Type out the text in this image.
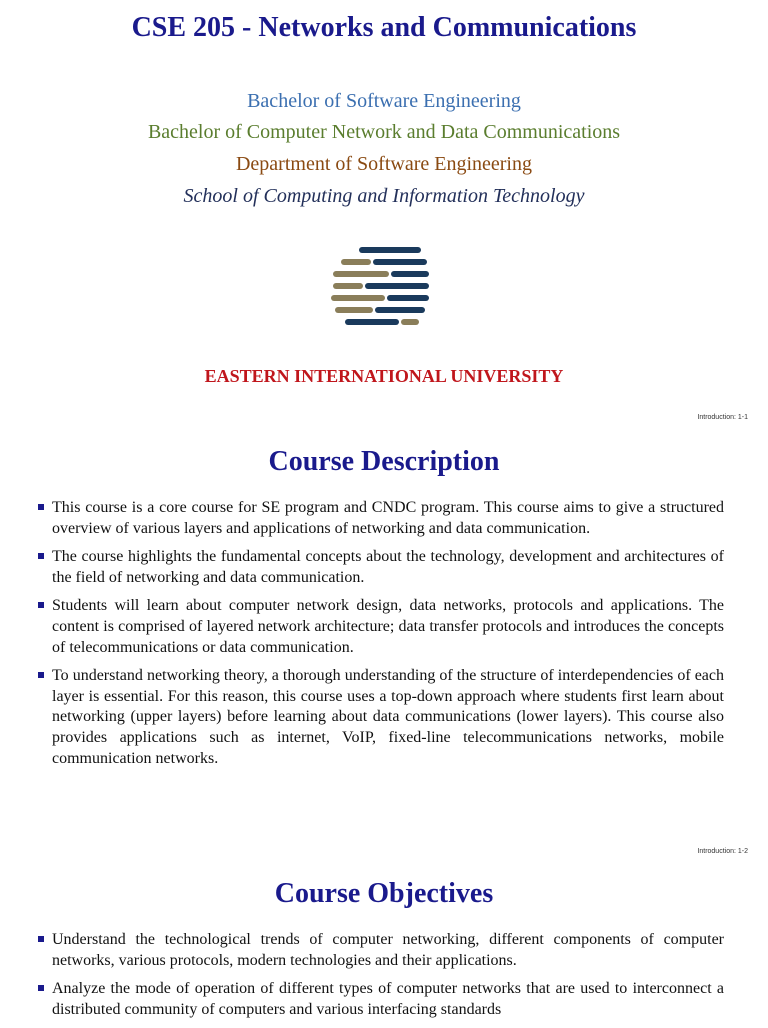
CSE 205 - Networks and Communications

Bachelor of Software Engineering

Bachelor of Computer Network and Data Communications

Department of Software Engineering

School of Computing and Information Technology

EASTERN INTERNATIONAL UNIVERSITY

Introduction: 1-1
Course Description
This course is a core course for SE program and CNDC program. This course aims to give a structured overview of various layers and applications of networking and data communication.
The course highlights the fundamental concepts about the technology, development and architectures of the field of networking and data communication.
Students will learn about computer network design, data networks, protocols and applications. The content is comprised of layered network architecture; data transfer protocols and introduces the concepts of telecommunications or data communication.
To understand networking theory, a thorough understanding of the structure of interdependencies of each layer is essential. For this reason, this course uses a top-down approach where students first learn about networking (upper layers) before learning about data communications (lower layers). This course also provides applications such as internet, VoIP, fixed-line telecommunications networks, mobile communication networks.
Introduction: 1-2
Course Objectives
Understand the technological trends of computer networking, different components of computer networks, various protocols, modern technologies and their applications.
Analyze the mode of operation of different types of computer networks that are used to interconnect a distributed community of computers and various interfacing standards
